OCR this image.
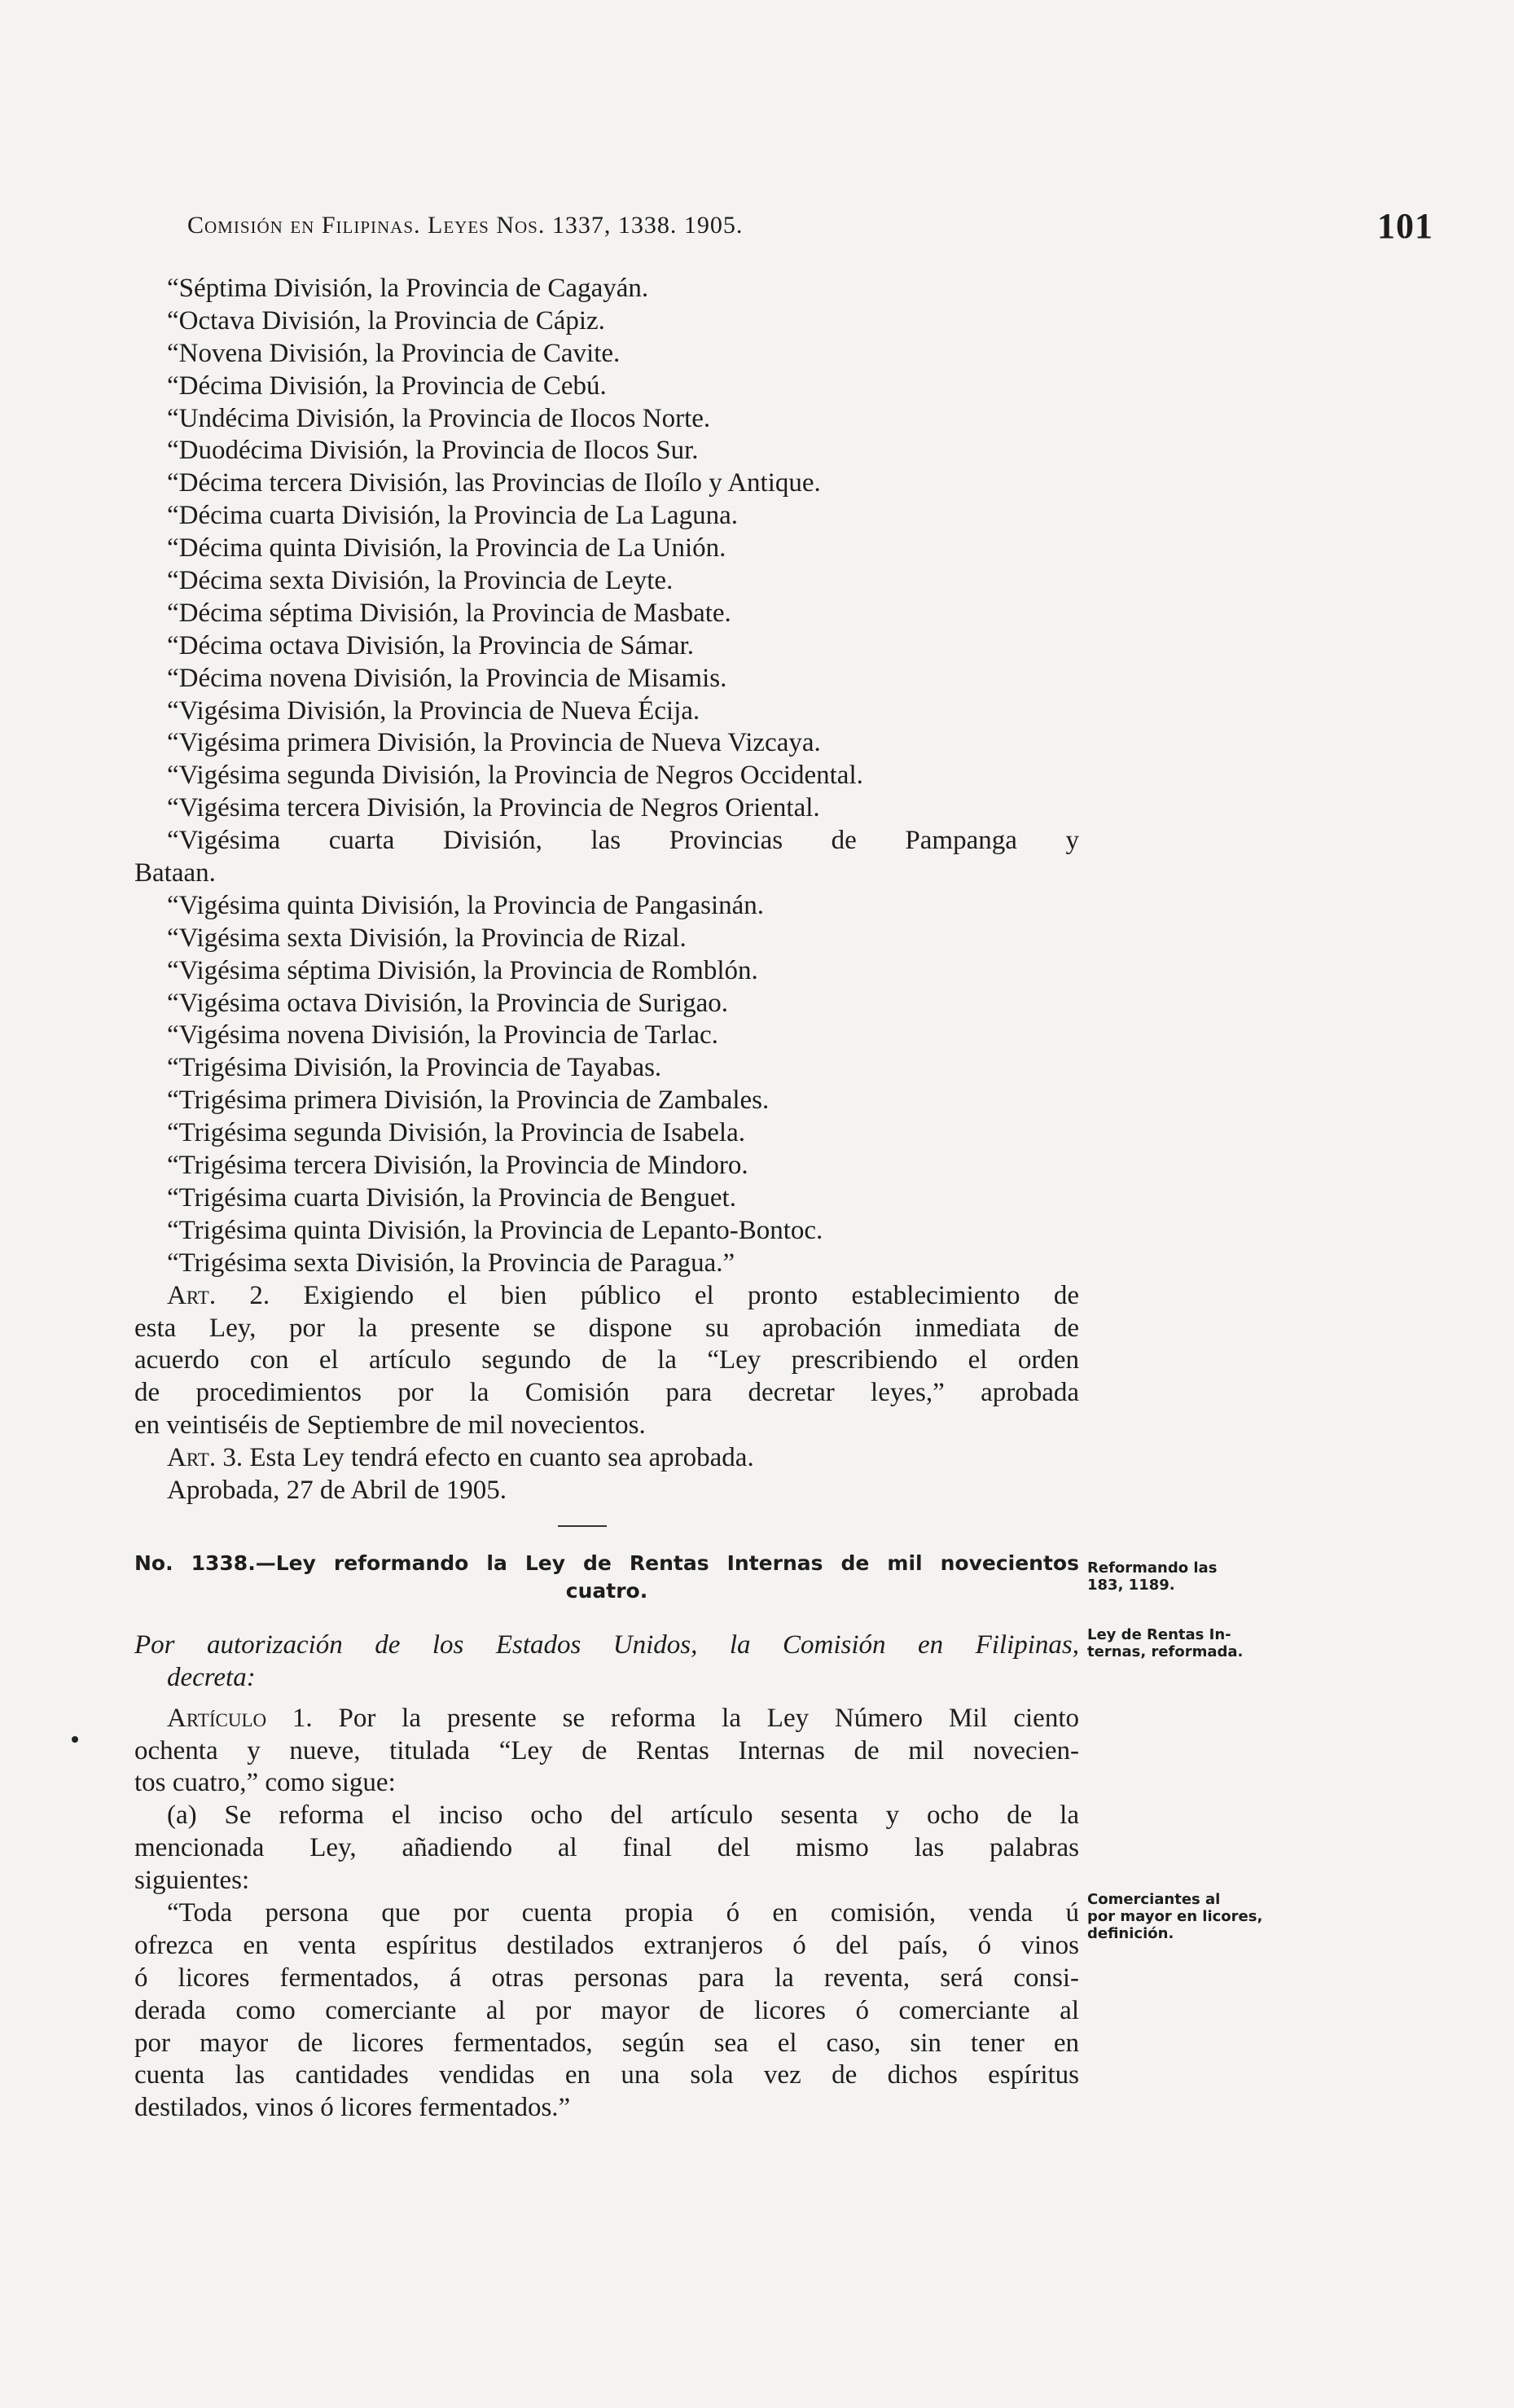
Comisión en Filipinas. Leyes Nos. 1337, 1338. 1905.	101
“Séptima División, la Provincia de Cagayán.
“Octava División, la Provincia de Cápiz.
“Novena División, la Provincia de Cavite.
“Décima División, la Provincia de Cebú.
“Undécima División, la Provincia de Ilocos Norte.
“Duodécima División, la Provincia de Ilocos Sur.
“Décima tercera División, las Provincias de Iloílo y Antique.
“Décima cuarta División, la Provincia de La Laguna.
“Décima quinta División, la Provincia de La Unión.
“Décima sexta División, la Provincia de Leyte.
“Décima séptima División, la Provincia de Masbate.
“Décima octava División, la Provincia de Sámar.
“Décima novena División, la Provincia de Misamis.
“Vigésima División, la Provincia de Nueva Écija.
“Vigésima primera División, la Provincia de Nueva Vizcaya.
“Vigésima segunda División, la Provincia de Negros Occidental.
“Vigésima tercera División, la Provincia de Negros Oriental.
“Vigésima cuarta División, las Provincias de Pampanga y
Bataan.
“Vigésima quinta División, la Provincia de Pangasinán.
“Vigésima sexta División, la Provincia de Rizal.
“Vigésima séptima División, la Provincia de Romblón.
“Vigésima octava División, la Provincia de Surigao.
“Vigésima novena División, la Provincia de Tarlac.
“Trigésima División, la Provincia de Tayabas.
“Trigésima primera División, la Provincia de Zambales.
“Trigésima segunda División, la Provincia de Isabela.
“Trigésima tercera División, la Provincia de Mindoro.
“Trigésima cuarta División, la Provincia de Benguet.
“Trigésima quinta División, la Provincia de Lepanto-Bontoc.
“Trigésima sexta División, la Provincia de Paragua.”
Art. 2. Exigiendo el bien público el pronto establecimiento de
esta Ley, por la presente se dispone su aprobación inmediata de
acuerdo con el artículo segundo de la “Ley prescribiendo el orden
de procedimientos por la Comisión para decretar leyes,” aprobada
en veintiséis de Septiembre de mil novecientos.
Art. 3. Esta Ley tendrá efecto en cuanto sea aprobada.
Aprobada, 27 de Abril de 1905.
No. 1338.—Ley reformando la Ley de Rentas Internas de mil novecientos
cuatro.
Por autorización de los Estados Unidos, la Comisión en Filipinas,
decreta:
Artículo 1. Por la presente se reforma la Ley Número Mil ciento
ochenta y nueve, titulada “Ley de Rentas Internas de mil novecien-
tos cuatro,” como sigue:
(a) Se reforma el inciso ocho del artículo sesenta y ocho de la
mencionada Ley, añadiendo al final del mismo las palabras
siguientes:
“Toda persona que por cuenta propia ó en comisión, venda ú
ofrezca en venta espíritus destilados extranjeros ó del país, ó vinos
ó licores fermentados, á otras personas para la reventa, será consi-
derada como comerciante al por mayor de licores ó comerciante al
por mayor de licores fermentados, según sea el caso, sin tener en
cuenta las cantidades vendidas en una sola vez de dichos espíritus
destilados, vinos ó licores fermentados.”
Reformando las
183, 1189.
Ley de Rentas In-
ternas, reformada.
Comerciantes al
por mayor en licores,
definición.
